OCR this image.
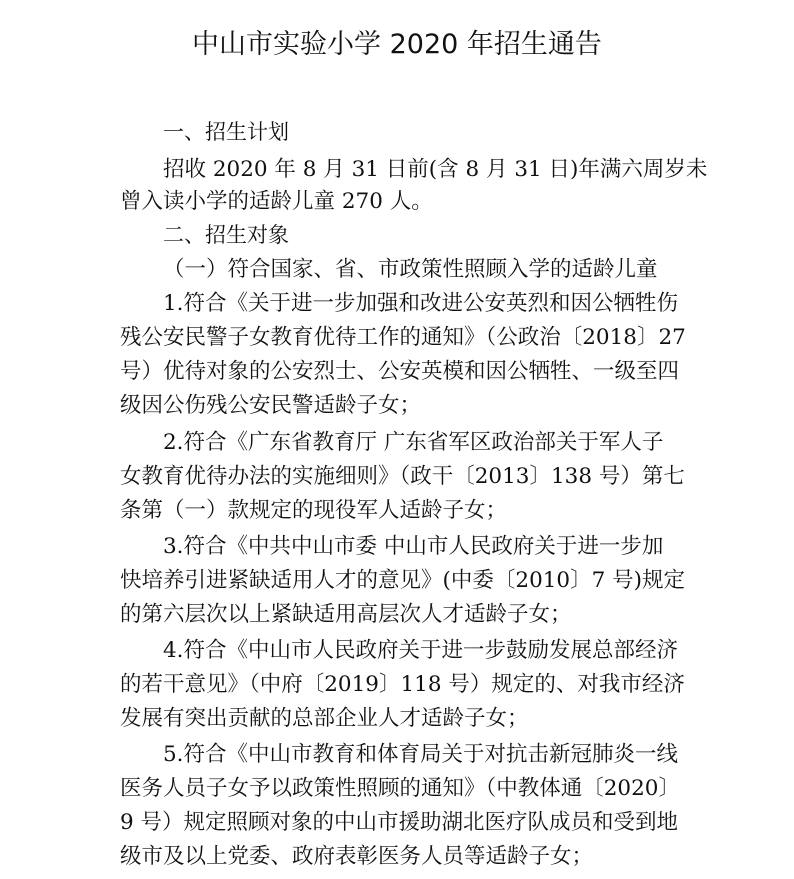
中山市实验小学 2020 年招生通告
一、招生计划
招收 2020 年 8 月 31 日前(含 8 月 31 日)年满六周岁未
曾入读小学的适龄儿童 270 人。
二、招生对象
（一）符合国家、省、市政策性照顾入学的适龄儿童
1.符合《关于进一步加强和改进公安英烈和因公牺牲伤
残公安民警子女教育优待工作的通知》（公政治〔2018〕27
号）优待对象的公安烈士、公安英模和因公牺牲、一级至四
级因公伤残公安民警适龄子女；
2.符合《广东省教育厅 广东省军区政治部关于军人子
女教育优待办法的实施细则》（政干〔2013〕138 号）第七
条第（一）款规定的现役军人适龄子女；
3.符合《中共中山市委 中山市人民政府关于进一步加
快培养引进紧缺适用人才的意见》(中委〔2010〕7 号)规定
的第六层次以上紧缺适用高层次人才适龄子女；
4.符合《中山市人民政府关于进一步鼓励发展总部经济
的若干意见》（中府〔2019〕118 号）规定的、对我市经济
发展有突出贡献的总部企业人才适龄子女；
5.符合《中山市教育和体育局关于对抗击新冠肺炎一线
医务人员子女予以政策性照顾的通知》（中教体通〔2020〕
9 号）规定照顾对象的中山市援助湖北医疗队成员和受到地
级市及以上党委、政府表彰医务人员等适龄子女；
